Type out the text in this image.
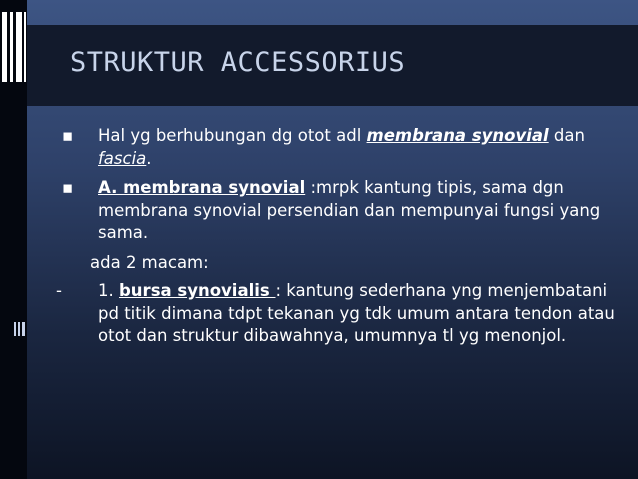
STRUKTUR ACCESSORIUS
▪	Hal yg berhubungan dg otot adl membrana synovial dan fascia.
▪	A. membrana synovial :mrpk kantung tipis, sama dgn membrana synovial persendian dan mempunyai fungsi yang sama.
ada 2 macam:
- 1. bursa synovialis : kantung sederhana yng menjembatani pd titik dimana tdpt tekanan yg tdk umum antara tendon atau otot dan struktur dibawahnya, umumnya tl yg menonjol.
